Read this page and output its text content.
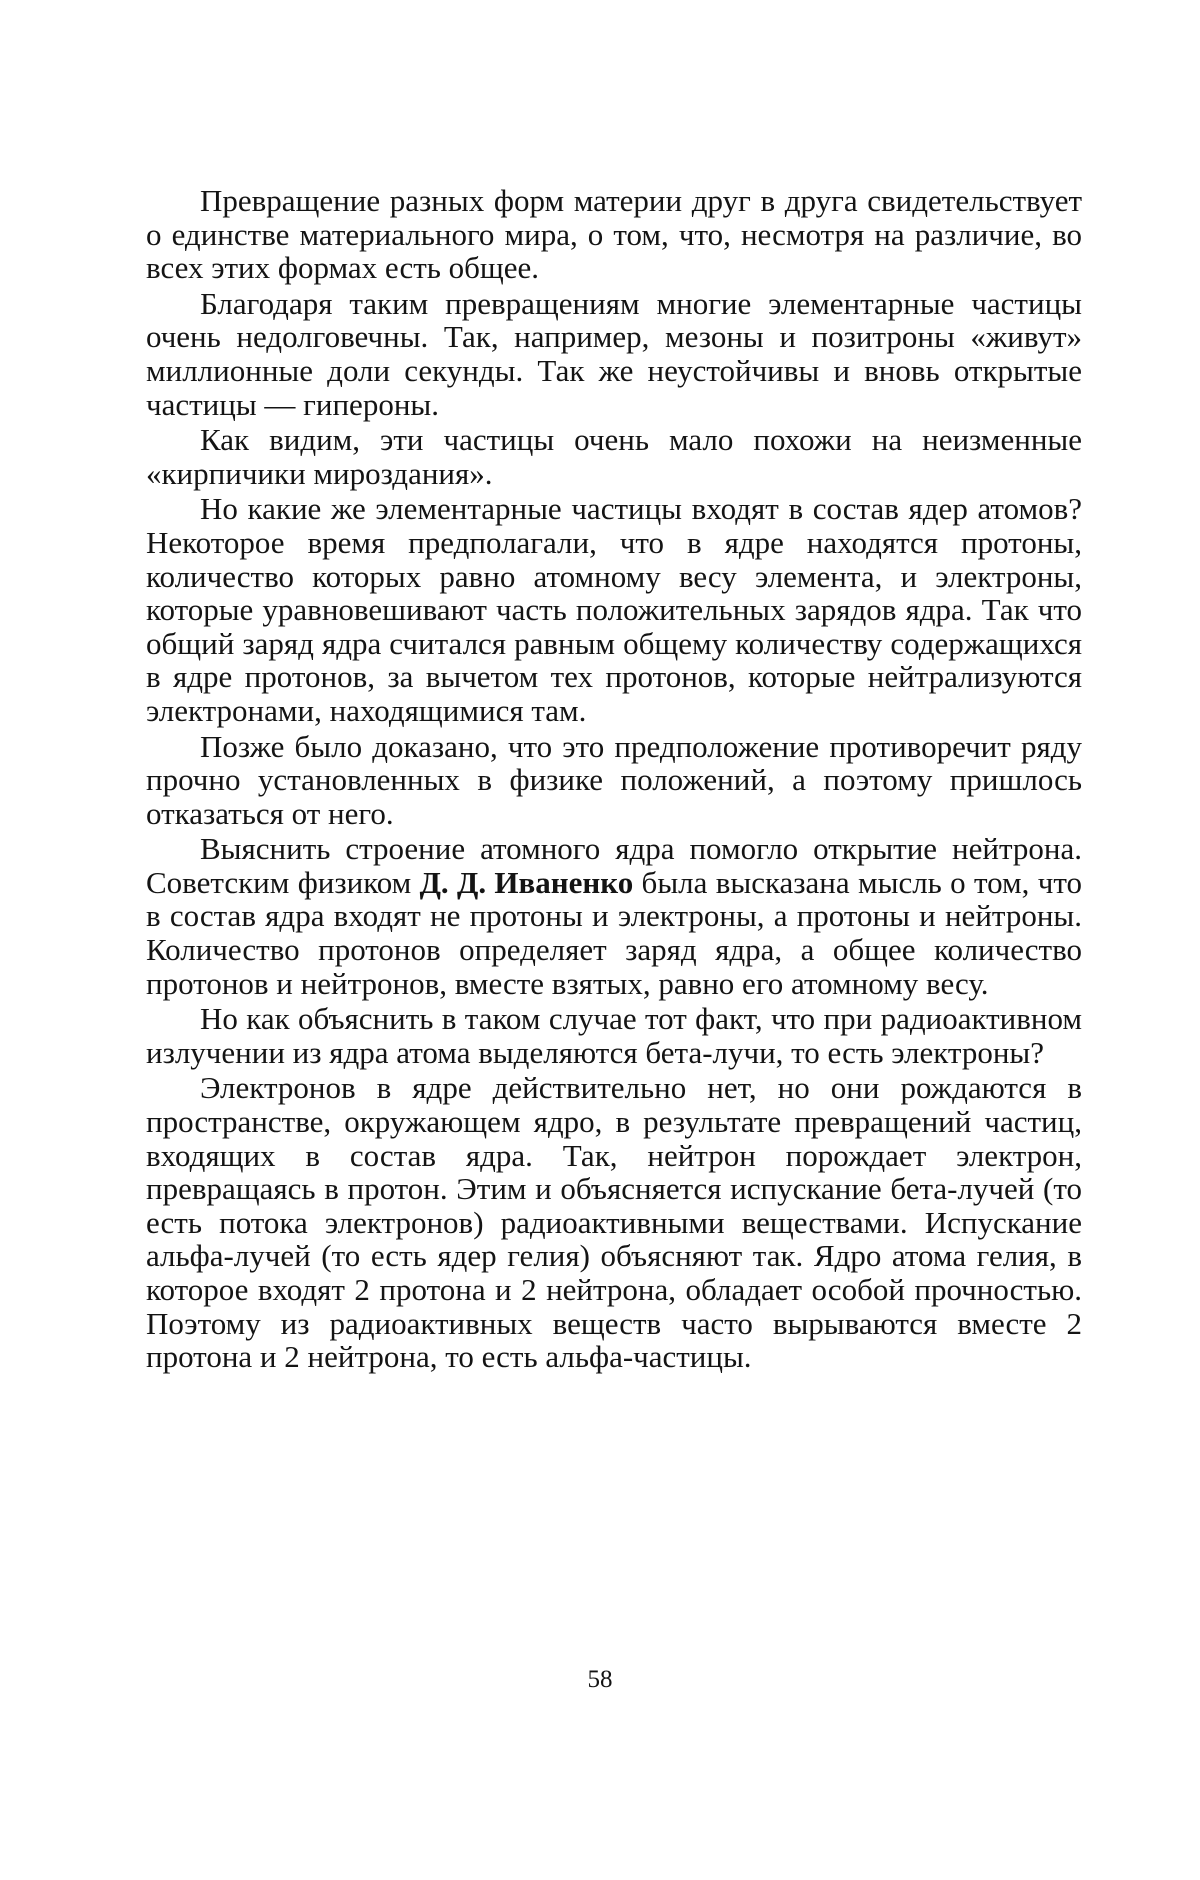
Превращение разных форм материи друг в друга свидетельствует о единстве материального мира, о том, что, несмотря на различие, во всех этих формах есть общее.

Благодаря таким превращениям многие элементарные частицы очень недолговечны. Так, например, мезоны и позитроны «живут» миллионные доли секунды. Так же неустойчивы и вновь открытые частицы — гипероны.

Как видим, эти частицы очень мало похожи на неизменные «кирпичики мироздания».

Но какие же элементарные частицы входят в состав ядер атомов? Некоторое время предполагали, что в ядре находятся протоны, количество которых равно атомному весу элемента, и электроны, которые уравновешивают часть положительных зарядов ядра. Так что общий заряд ядра считался равным общему количеству содержащихся в ядре протонов, за вычетом тех протонов, которые нейтрализуются электронами, находящимися там.

Позже было доказано, что это предположение противоречит ряду прочно установленных в физике положений, а поэтому пришлось отказаться от него.

Выяснить строение атомного ядра помогло открытие нейтрона. Советским физиком Д. Д. Иваненко была высказана мысль о том, что в состав ядра входят не протоны и электроны, а протоны и нейтроны. Количество протонов определяет заряд ядра, а общее количество протонов и нейтронов, вместе взятых, равно его атомному весу.

Но как объяснить в таком случае тот факт, что при радиоактивном излучении из ядра атома выделяются бета-лучи, то есть электроны?

Электронов в ядре действительно нет, но они рождаются в пространстве, окружающем ядро, в результате превращений частиц, входящих в состав ядра. Так, нейтрон порождает электрон, превращаясь в протон. Этим и объясняется испускание бета-лучей (то есть потока электронов) радиоактивными веществами. Испускание альфа-лучей (то есть ядер гелия) объясняют так. Ядро атома гелия, в которое входят 2 протона и 2 нейтрона, обладает особой прочностью. Поэтому из радиоактивных веществ часто вырываются вместе 2 протона и 2 нейтрона, то есть альфа-частицы.

58
